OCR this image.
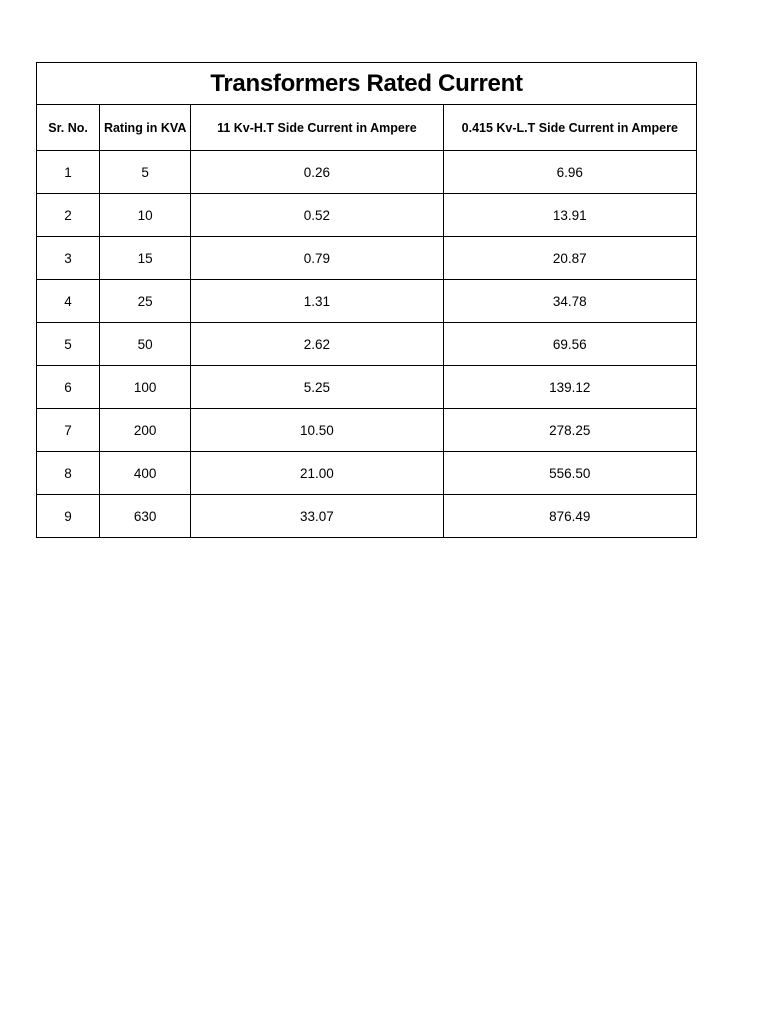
Transformers Rated Current			
Sr. No.	Rating in KVA	11 Kv-H.T Side Current in Ampere	0.415 Kv-L.T Side Current in Ampere
1	5	0.26	6.96
2	10	0.52	13.91
3	15	0.79	20.87
4	25	1.31	34.78
5	50	2.62	69.56
6	100	5.25	139.12
7	200	10.50	278.25
8	400	21.00	556.50
9	630	33.07	876.49
